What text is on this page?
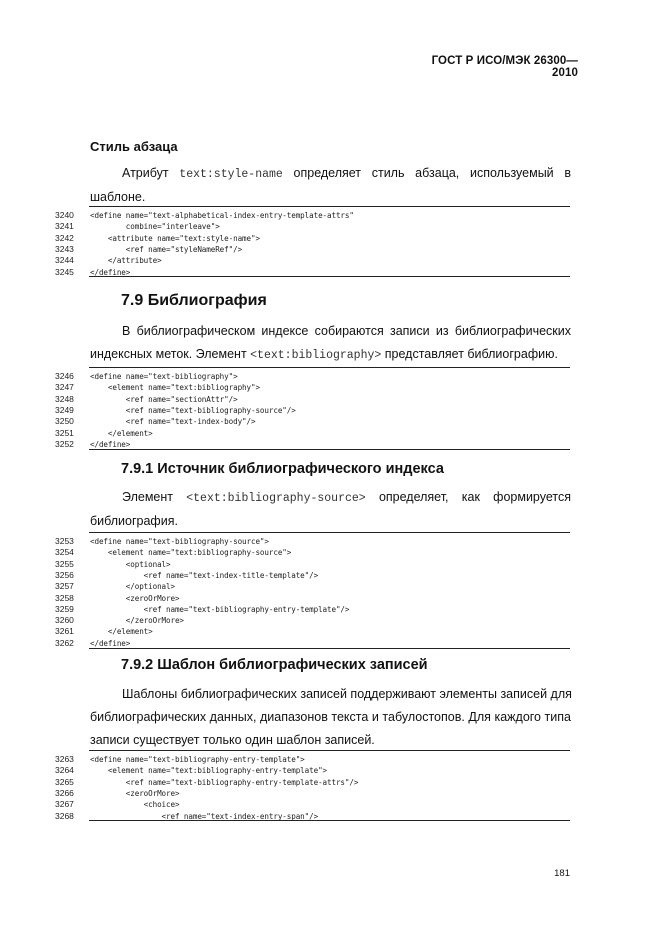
ГОСТ Р ИСО/МЭК 26300—2010
Стиль абзаца
Атрибут text:style-name определяет стиль абзаца, используемый в
шаблоне.
3240	<define name="text-alphabetical-index-entry-template-attrs"
3241	combine="interleave">
3242	<attribute name="text:style-name">
3243	<ref name="styleNameRef"/>
3244	</attribute>
3245	</define>
7.9 Библиография
В библиографическом индексе собираются записи из библиографических
индексных меток. Элемент <text:bibliography> представляет библиографию.
3246	<define name="text-bibliography">
3247	<element name="text:bibliography">
3248	<ref name="sectionAttr"/>
3249	<ref name="text-bibliography-source"/>
3250	<ref name="text-index-body"/>
3251	</element>
3252	</define>
7.9.1 Источник библиографического индекса
Элемент <text:bibliography-source> определяет, как формируется
библиография.
3253	<define name="text-bibliography-source">
3254	<element name="text:bibliography-source">
3255	<optional>
3256	<ref name="text-index-title-template"/>
3257	</optional>
3258	<zeroOrMore>
3259	<ref name="text-bibliography-entry-template"/>
3260	</zeroOrMore>
3261	</element>
3262	</define>
7.9.2 Шаблон библиографических записей
Шаблоны библиографических записей поддерживают элементы записей для
библиографических данных, диапазонов текста и табулостопов. Для каждого типа
записи существует только один шаблон записей.
3263	<define name="text-bibliography-entry-template">
3264	<element name="text:bibliography-entry-template">
3265	<ref name="text-bibliography-entry-template-attrs"/>
3266	<zeroOrMore>
3267	<choice>
3268	<ref name="text-index-entry-span"/>
181
